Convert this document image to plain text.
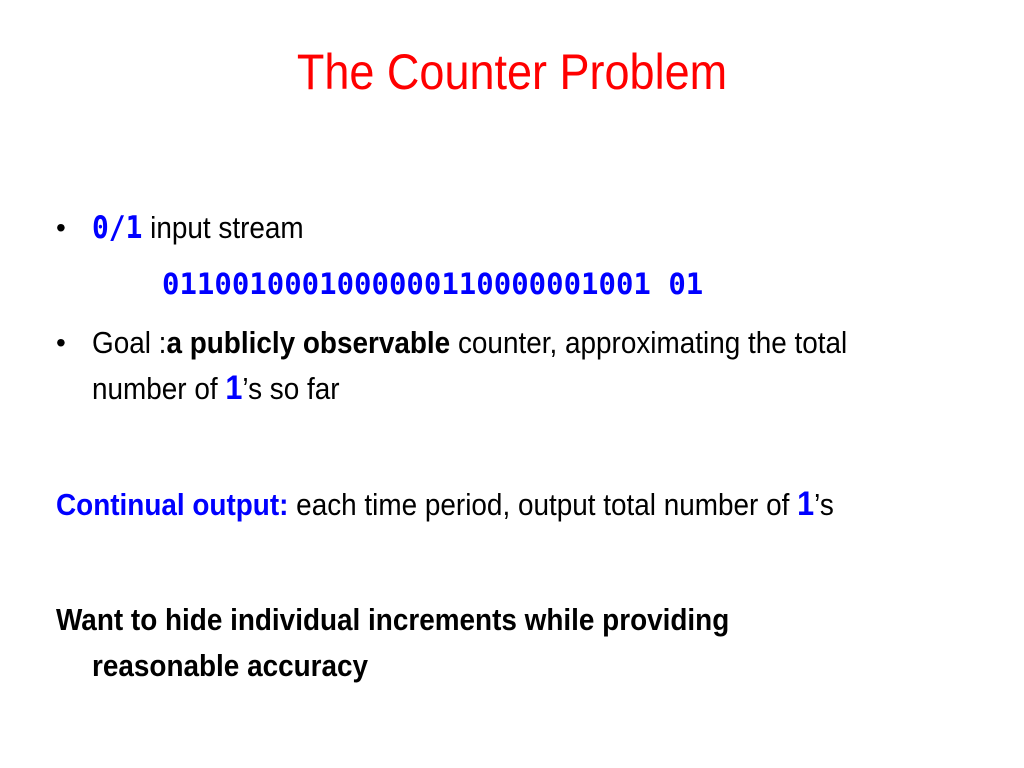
The Counter Problem
• 0/1 input stream
0110010001000000110000001001 01
• Goal :a publicly observable counter, approximating the total
number of 1’s so far
Continual output: each time period, output total number of 1’s
Want to hide individual increments while providing
reasonable accuracy
